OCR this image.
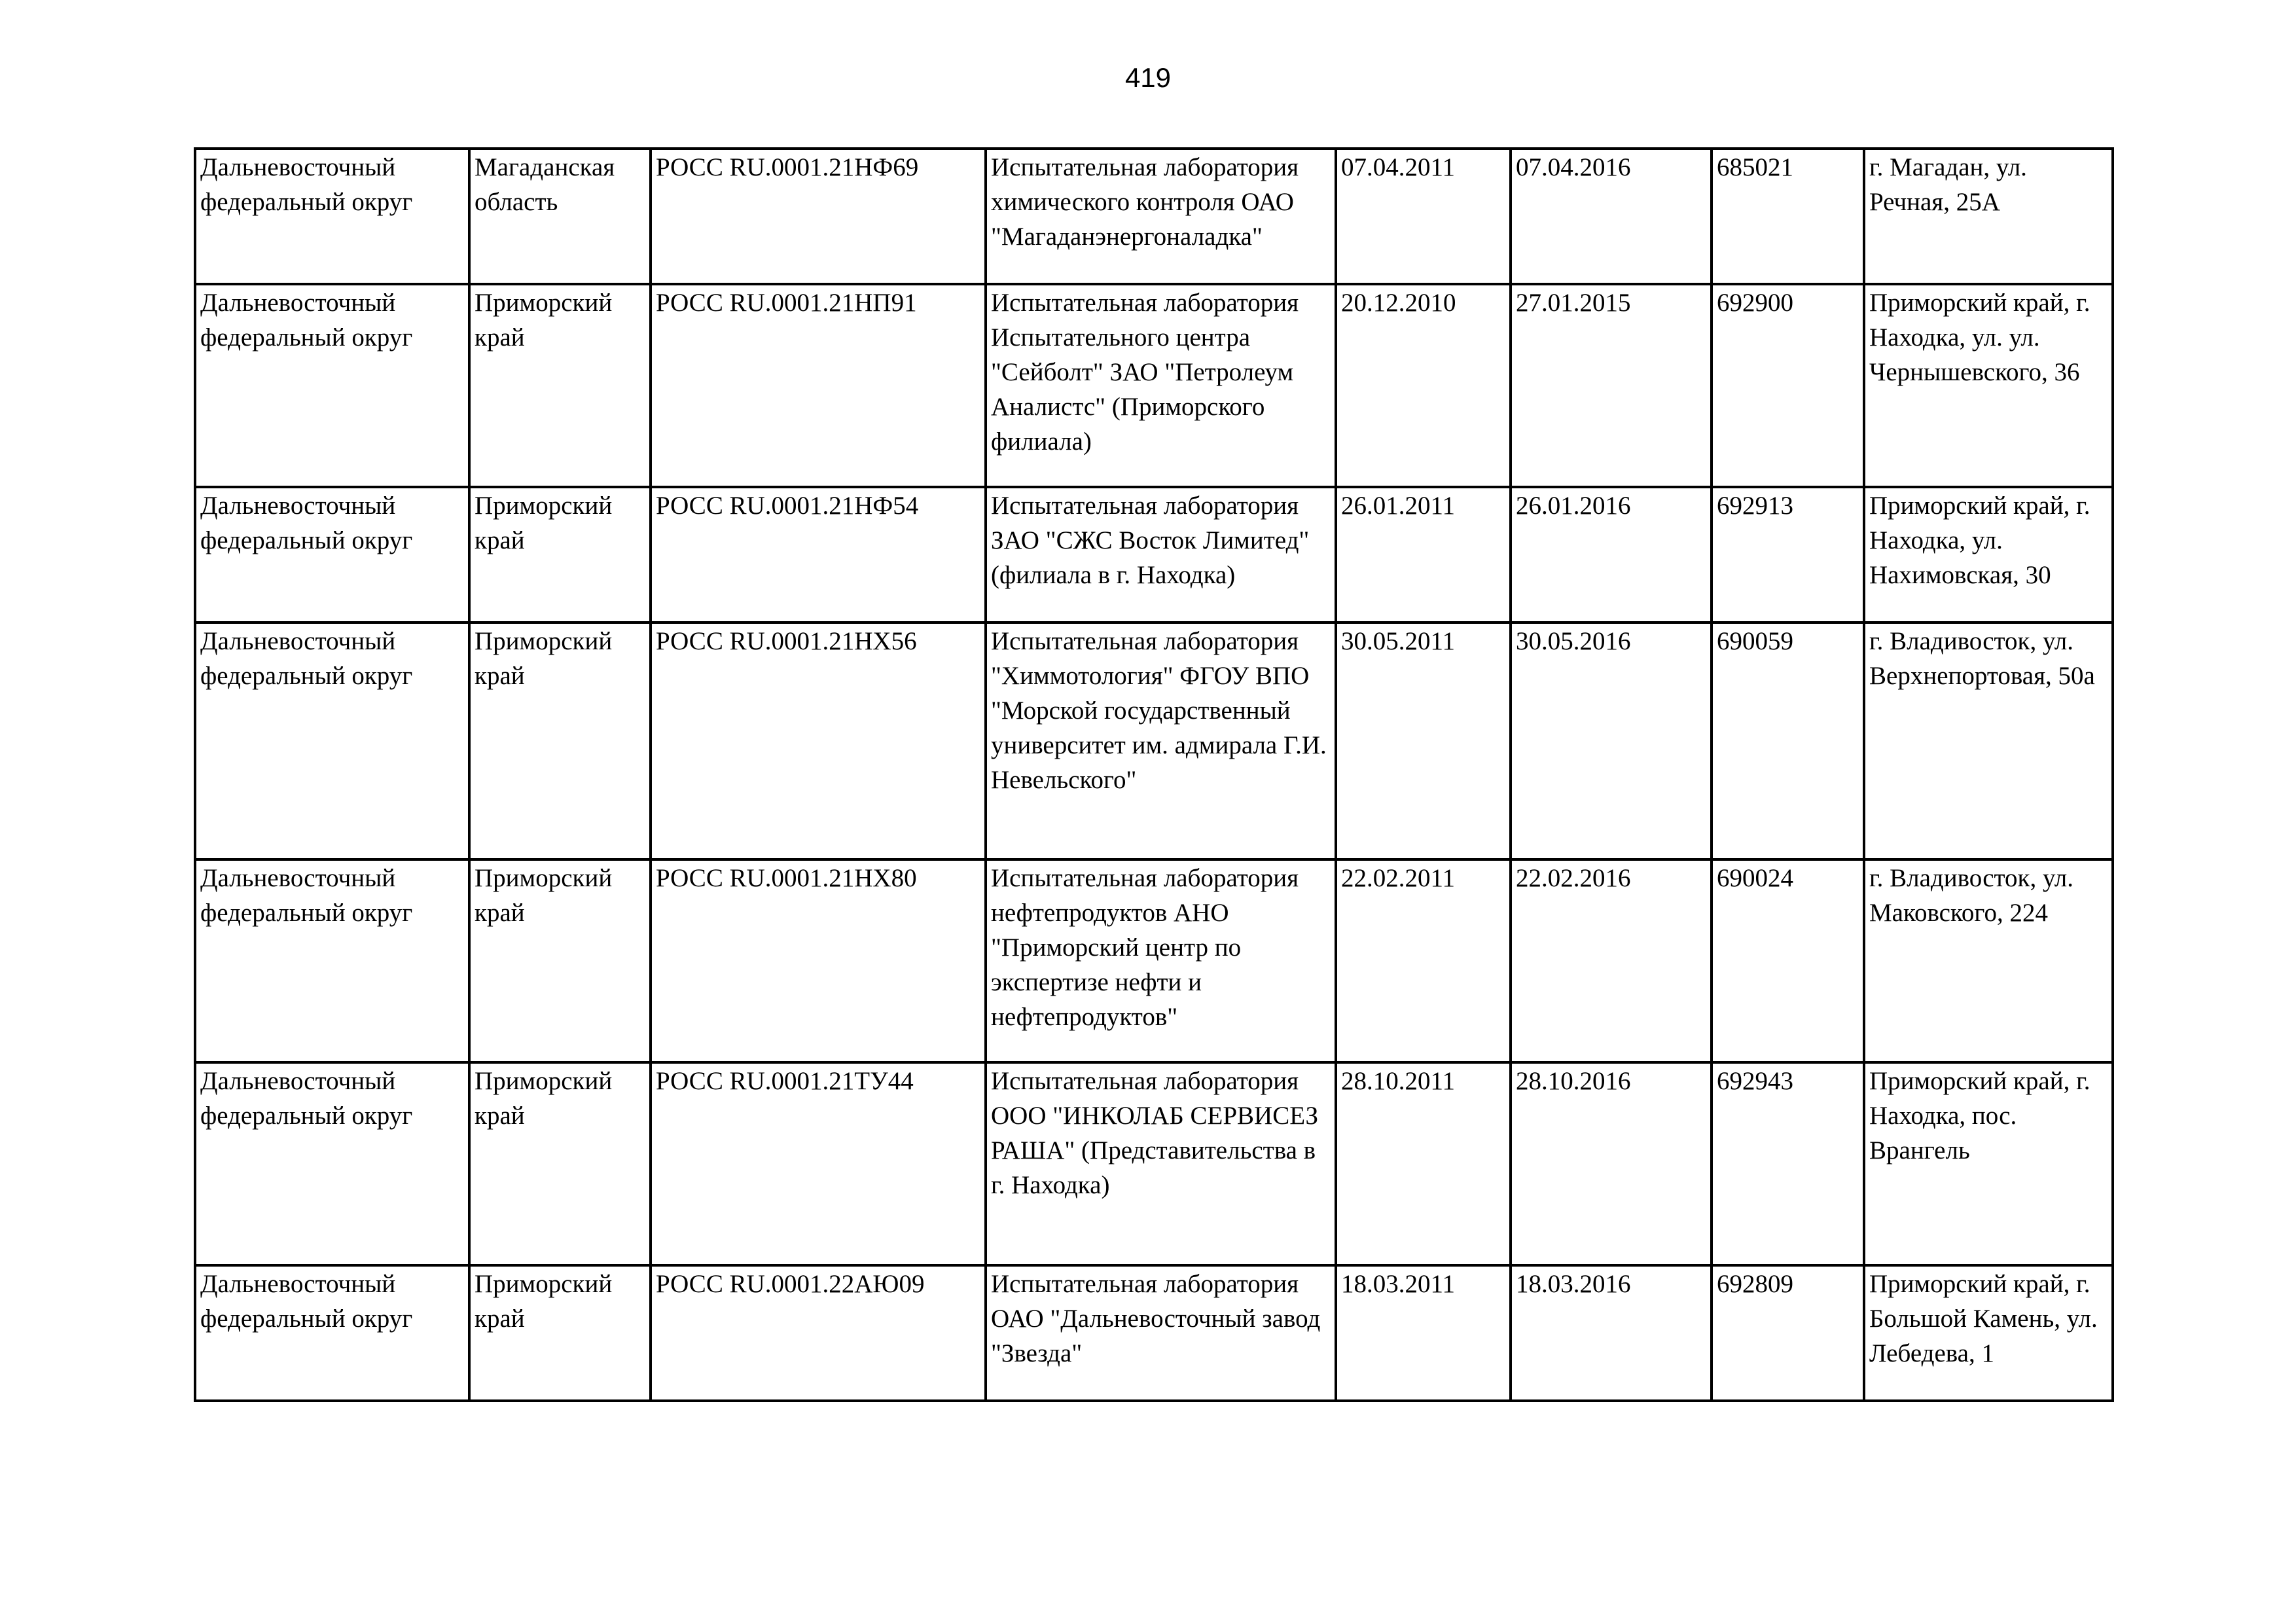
419
Дальневосточный федеральный округ	Магаданская область	РОСС RU.0001.21НФ69	Испытательная лаборатория химического контроля ОАО "Магаданэнергоналадка"	07.04.2011	07.04.2016	685021	г. Магадан, ул. Речная, 25А
Дальневосточный федеральный округ	Приморский край	РОСС RU.0001.21НП91	Испытательная лаборатория Испытательного центра "Сейболт" ЗАО "Петролеум Аналистс" (Приморского филиала)	20.12.2010	27.01.2015	692900	Приморский край, г. Находка, ул. ул. Чернышевского, 36
Дальневосточный федеральный округ	Приморский край	РОСС RU.0001.21НФ54	Испытательная лаборатория ЗАО "СЖС Восток Лимитед" (филиала в г. Находка)	26.01.2011	26.01.2016	692913	Приморский край, г. Находка, ул. Нахимовская, 30
Дальневосточный федеральный округ	Приморский край	РОСС RU.0001.21НХ56	Испытательная лаборатория "Химмотология" ФГОУ ВПО "Морской государственный университет им. адмирала Г.И. Невельского"	30.05.2011	30.05.2016	690059	г. Владивосток, ул. Верхнепортовая, 50а
Дальневосточный федеральный округ	Приморский край	РОСС RU.0001.21НХ80	Испытательная лаборатория нефтепродуктов АНО "Приморский центр по экспертизе нефти и нефтепродуктов"	22.02.2011	22.02.2016	690024	г. Владивосток, ул. Маковского, 224
Дальневосточный федеральный округ	Приморский край	РОСС RU.0001.21ТУ44	Испытательная лаборатория ООО "ИНКОЛАБ СЕРВИСЕЗ РАША" (Представительства в г. Находка)	28.10.2011	28.10.2016	692943	Приморский край, г. Находка, пос. Врангель
Дальневосточный федеральный округ	Приморский край	РОСС RU.0001.22АЮ09	Испытательная лаборатория ОАО "Дальневосточный завод "Звезда"	18.03.2011	18.03.2016	692809	Приморский край, г. Большой Камень, ул. Лебедева, 1
